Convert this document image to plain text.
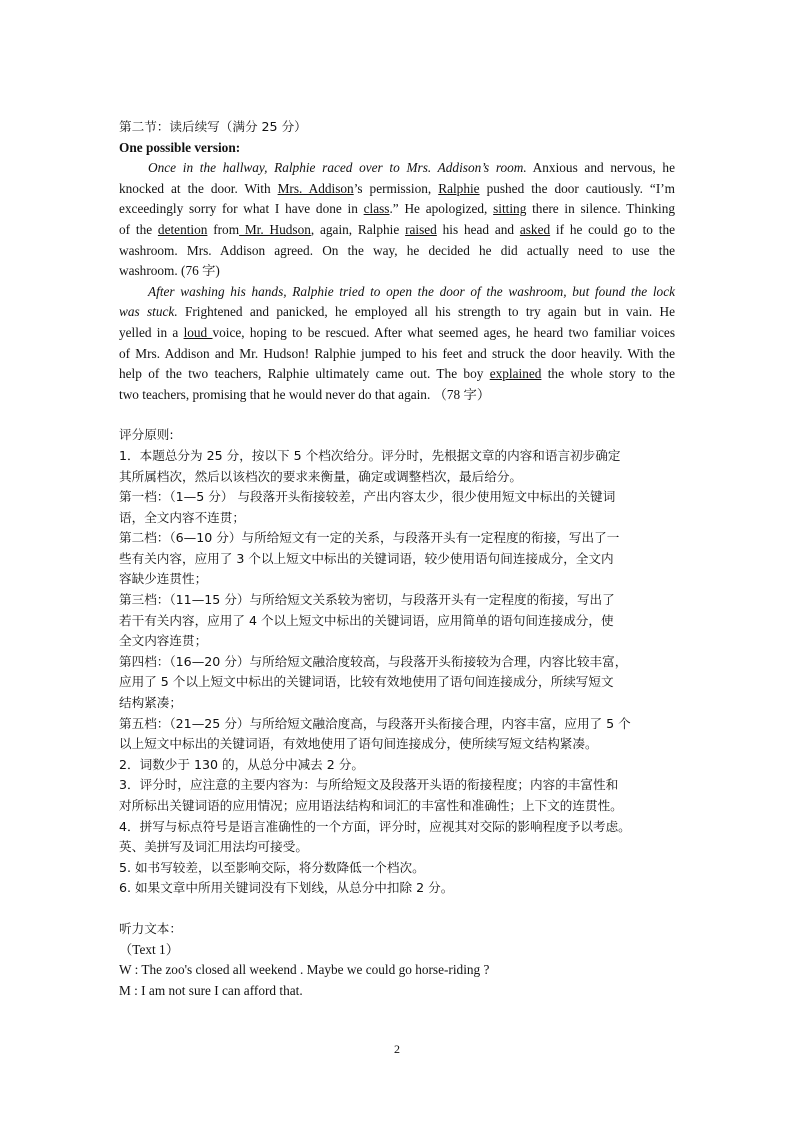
第二节：读后续写（满分 25 分）
One possible version:
Once in the hallway, Ralphie raced over to Mrs. Addison’s room. Anxious and nervous, he
knocked at the door. With Mrs. Addison’s permission, Ralphie pushed the door cautiously. “I’m
exceedingly sorry for what I have done in class.” He apologized, sitting there in silence. Thinking
of the detention from Mr. Hudson, again, Ralphie raised his head and asked if he could go to the
washroom. Mrs. Addison agreed. On the way, he decided he did actually need to use the
washroom. (76 字)
After washing his hands, Ralphie tried to open the door of the washroom, but found the lock
was stuck. Frightened and panicked, he employed all his strength to try again but in vain. He
yelled in a loud voice, hoping to be rescued. After what seemed ages, he heard two familiar voices
of Mrs. Addison and Mr. Hudson! Ralphie jumped to his feet and struck the door heavily. With the
help of the two teachers, Ralphie ultimately came out. The boy explained the whole story to the
two teachers, promising that he would never do that again. （78 字）
评分原则:
1．本题总分为 25 分，按以下 5 个档次给分。评分时，先根据文章的内容和语言初步确定
其所属档次，然后以该档次的要求来衡量，确定或调整档次，最后给分。
第一档：（1—5 分） 与段落开头衔接较差，产出内容太少，很少使用短文中标出的关键词
语，全文内容不连贯；
第二档：（6—10 分）与所给短文有一定的关系，与段落开头有一定程度的衔接，写出了一
些有关内容，应用了 3 个以上短文中标出的关键词语，较少使用语句间连接成分，全文内
容缺少连贯性；
第三档：（11—15 分）与所给短文关系较为密切，与段落开头有一定程度的衔接，写出了
若干有关内容，应用了 4 个以上短文中标出的关键词语，应用简单的语句间连接成分，使
全文内容连贯；
第四档：（16—20 分）与所给短文融洽度较高，与段落开头衔接较为合理，内容比较丰富，
应用了 5 个以上短文中标出的关键词语，比较有效地使用了语句间连接成分，所续写短文
结构紧凑；
第五档：（21—25 分）与所给短文融洽度高，与段落开头衔接合理，内容丰富，应用了 5 个
以上短文中标出的关键词语，有效地使用了语句间连接成分，使所续写短文结构紧凑。
2．词数少于 130 的，从总分中减去 2 分。
3．评分时，应注意的主要内容为：与所给短文及段落开头语的衔接程度；内容的丰富性和
对所标出关键词语的应用情况；应用语法结构和词汇的丰富性和准确性；上下文的连贯性。
4．拼写与标点符号是语言准确性的一个方面，评分时，应视其对交际的影响程度予以考虑。
英、美拼写及词汇用法均可接受。
5. 如书写较差，以至影响交际，将分数降低一个档次。
6. 如果文章中所用关键词没有下划线，从总分中扣除 2 分。
听力文本：
（Text 1）
W : The zoo's closed all weekend . Maybe we could go horse-riding ?
M : I am not sure I can afford that.
2
